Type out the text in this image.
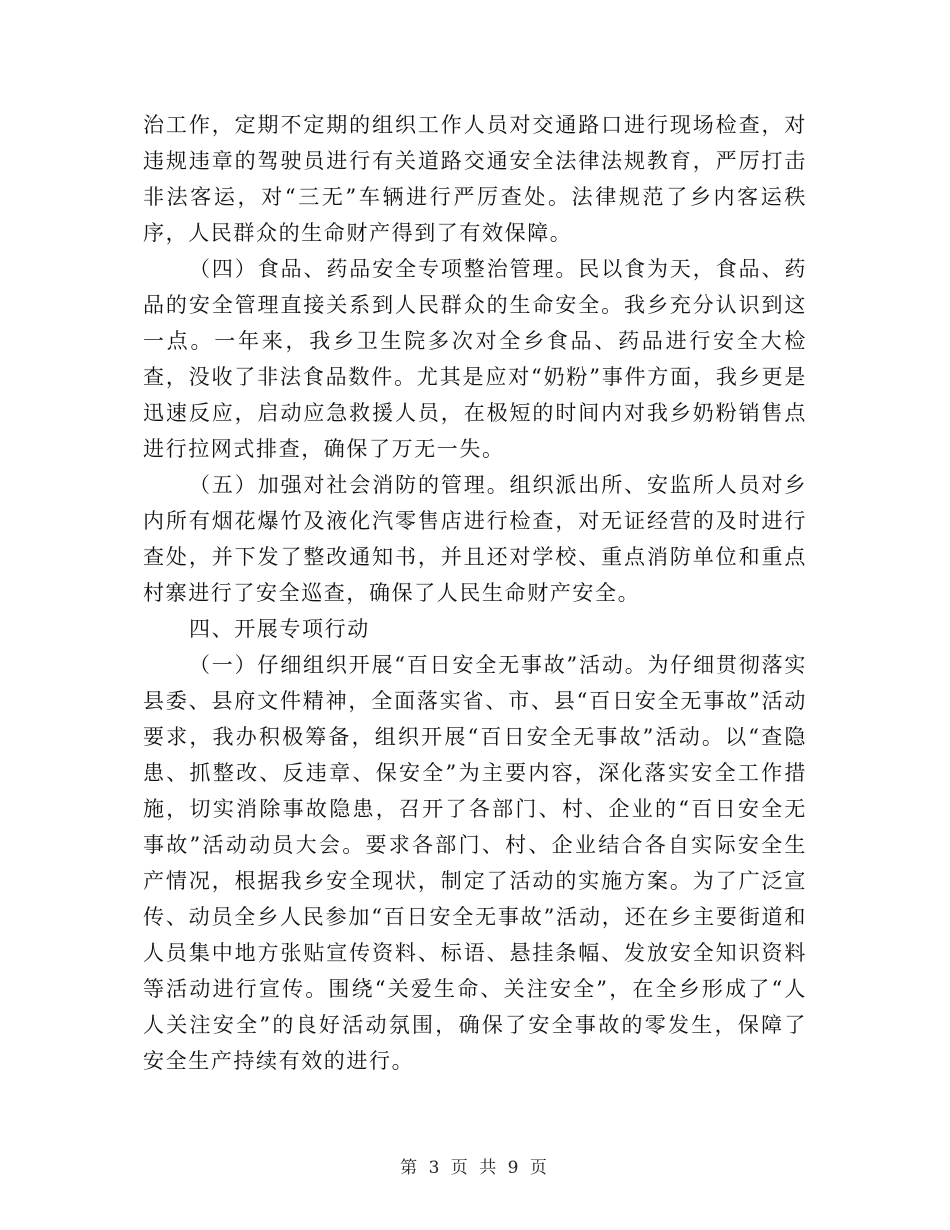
治工作，定期不定期的组织工作人员对交通路口进行现场检查，对违规违章的驾驶员进行有关道路交通安全法律法规教育，严厉打击非法客运，对“三无”车辆进行严厉查处。法律规范了乡内客运秩序，人民群众的生命财产得到了有效保障。

（四）食品、药品安全专项整治管理。民以食为天，食品、药品的安全管理直接关系到人民群众的生命安全。我乡充分认识到这一点。一年来，我乡卫生院多次对全乡食品、药品进行安全大检查，没收了非法食品数件。尤其是应对“奶粉”事件方面，我乡更是迅速反应，启动应急救援人员，在极短的时间内对我乡奶粉销售点进行拉网式排查，确保了万无一失。

（五）加强对社会消防的管理。组织派出所、安监所人员对乡内所有烟花爆竹及液化汽零售店进行检查，对无证经营的及时进行查处，并下发了整改通知书，并且还对学校、重点消防单位和重点村寨进行了安全巡查，确保了人民生命财产安全。

四、开展专项行动

（一）仔细组织开展“百日安全无事故”活动。为仔细贯彻落实县委、县府文件精神，全面落实省、市、县“百日安全无事故”活动要求，我办积极筹备，组织开展“百日安全无事故”活动。以“查隐患、抓整改、反违章、保安全”为主要内容，深化落实安全工作措施，切实消除事故隐患，召开了各部门、村、企业的“百日安全无事故”活动动员大会。要求各部门、村、企业结合各自实际安全生产情况，根据我乡安全现状，制定了活动的实施方案。为了广泛宣传、动员全乡人民参加“百日安全无事故”活动，还在乡主要街道和人员集中地方张贴宣传资料、标语、悬挂条幅、发放安全知识资料等活动进行宣传。围绕“关爱生命、关注安全”，在全乡形成了“人人关注安全”的良好活动氛围，确保了安全事故的零发生，保障了安全生产持续有效的进行。

第 3 页 共 9 页
